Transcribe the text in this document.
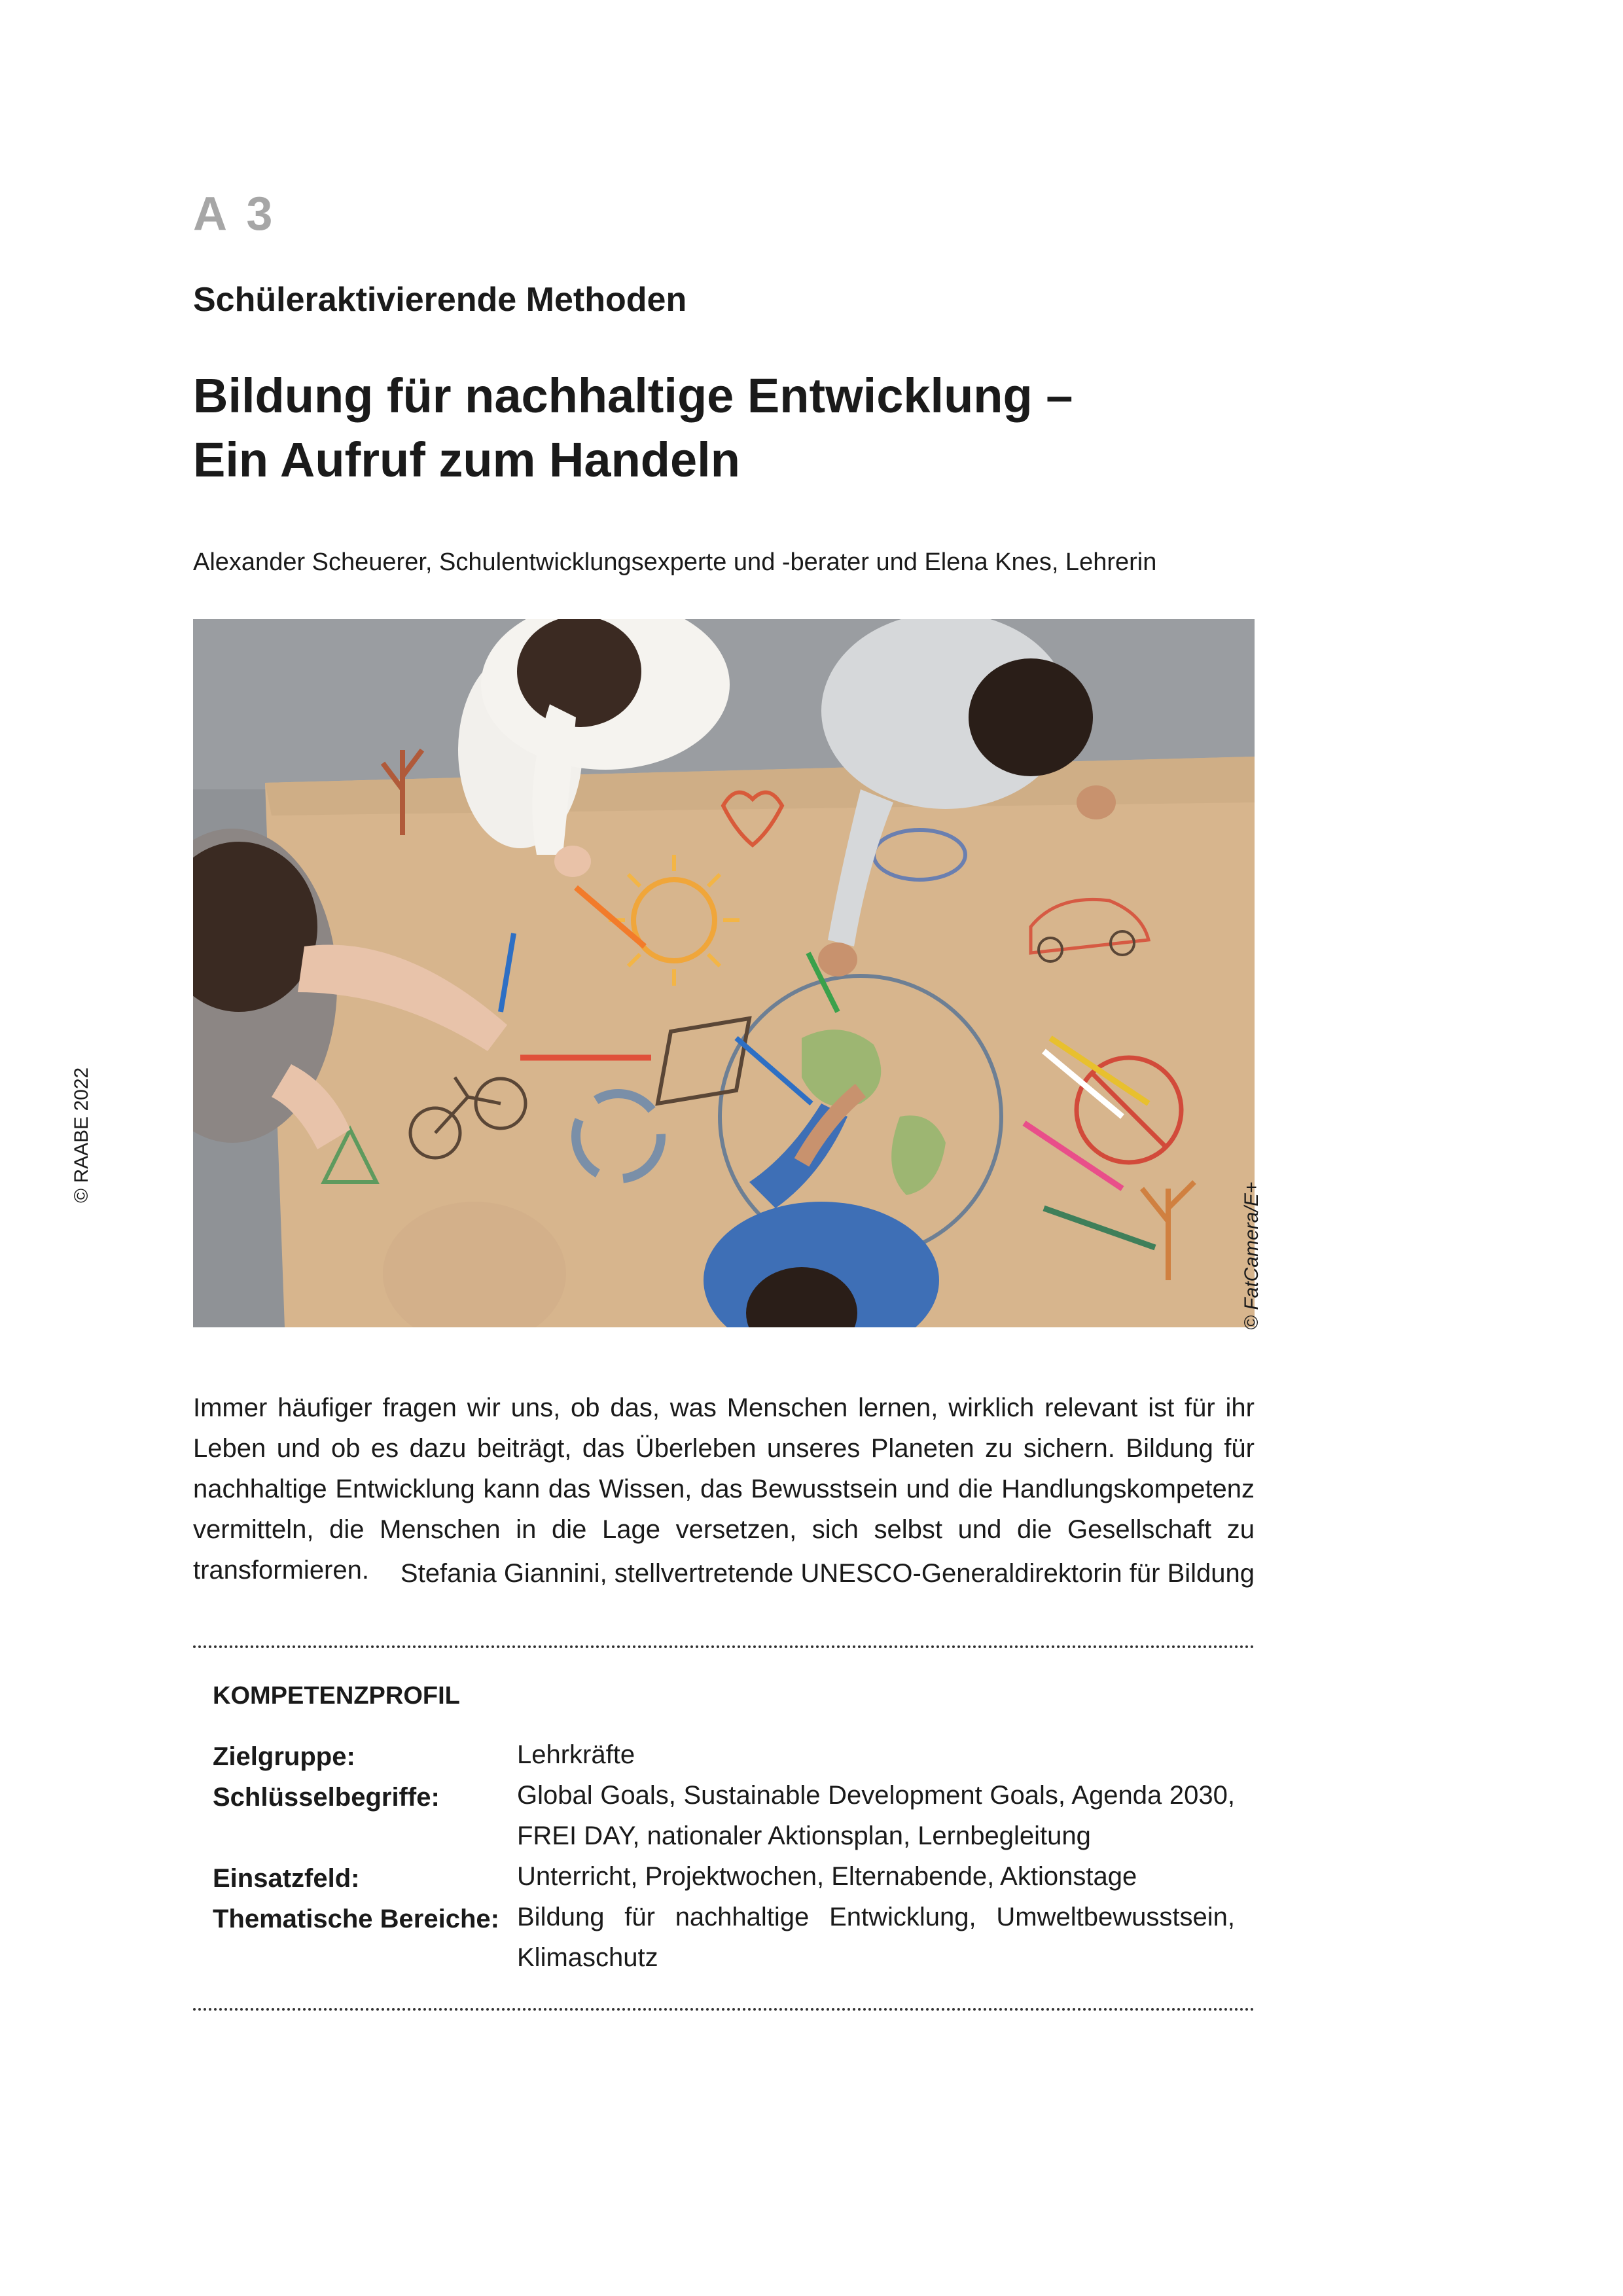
A 3
Schüleraktivierende Methoden
Bildung für nachhaltige Entwicklung –
Ein Aufruf zum Handeln
Alexander Scheuerer, Schulentwicklungsexperte und -berater und Elena Knes, Lehrerin
© FatCamera/E+
© RAABE 2022
Immer häufiger fragen wir uns, ob das, was Menschen lernen, wirklich relevant ist für ihr Leben und ob es dazu beiträgt, das Überleben unseres Planeten zu sichern. Bildung für nachhaltige Entwicklung kann das Wissen, das Bewusstsein und die Handlungskompetenz vermitteln, die Menschen in die Lage versetzen, sich selbst und die Gesellschaft zu transformieren.	Stefania Giannini, stellvertretende UNESCO-Generaldirektorin für Bildung
KOMPETENZPROFIL
Zielgruppe:	Lehrkräfte
Schlüsselbegriffe:	Global Goals, Sustainable Development Goals, Agenda 2030, FREI DAY, nationaler Aktionsplan, Lernbegleitung
Einsatzfeld:	Unterricht, Projektwochen, Elternabende, Aktionstage
Thematische Bereiche: Bildung für nachhaltige Entwicklung, Umweltbewusstsein, Klimaschutz
